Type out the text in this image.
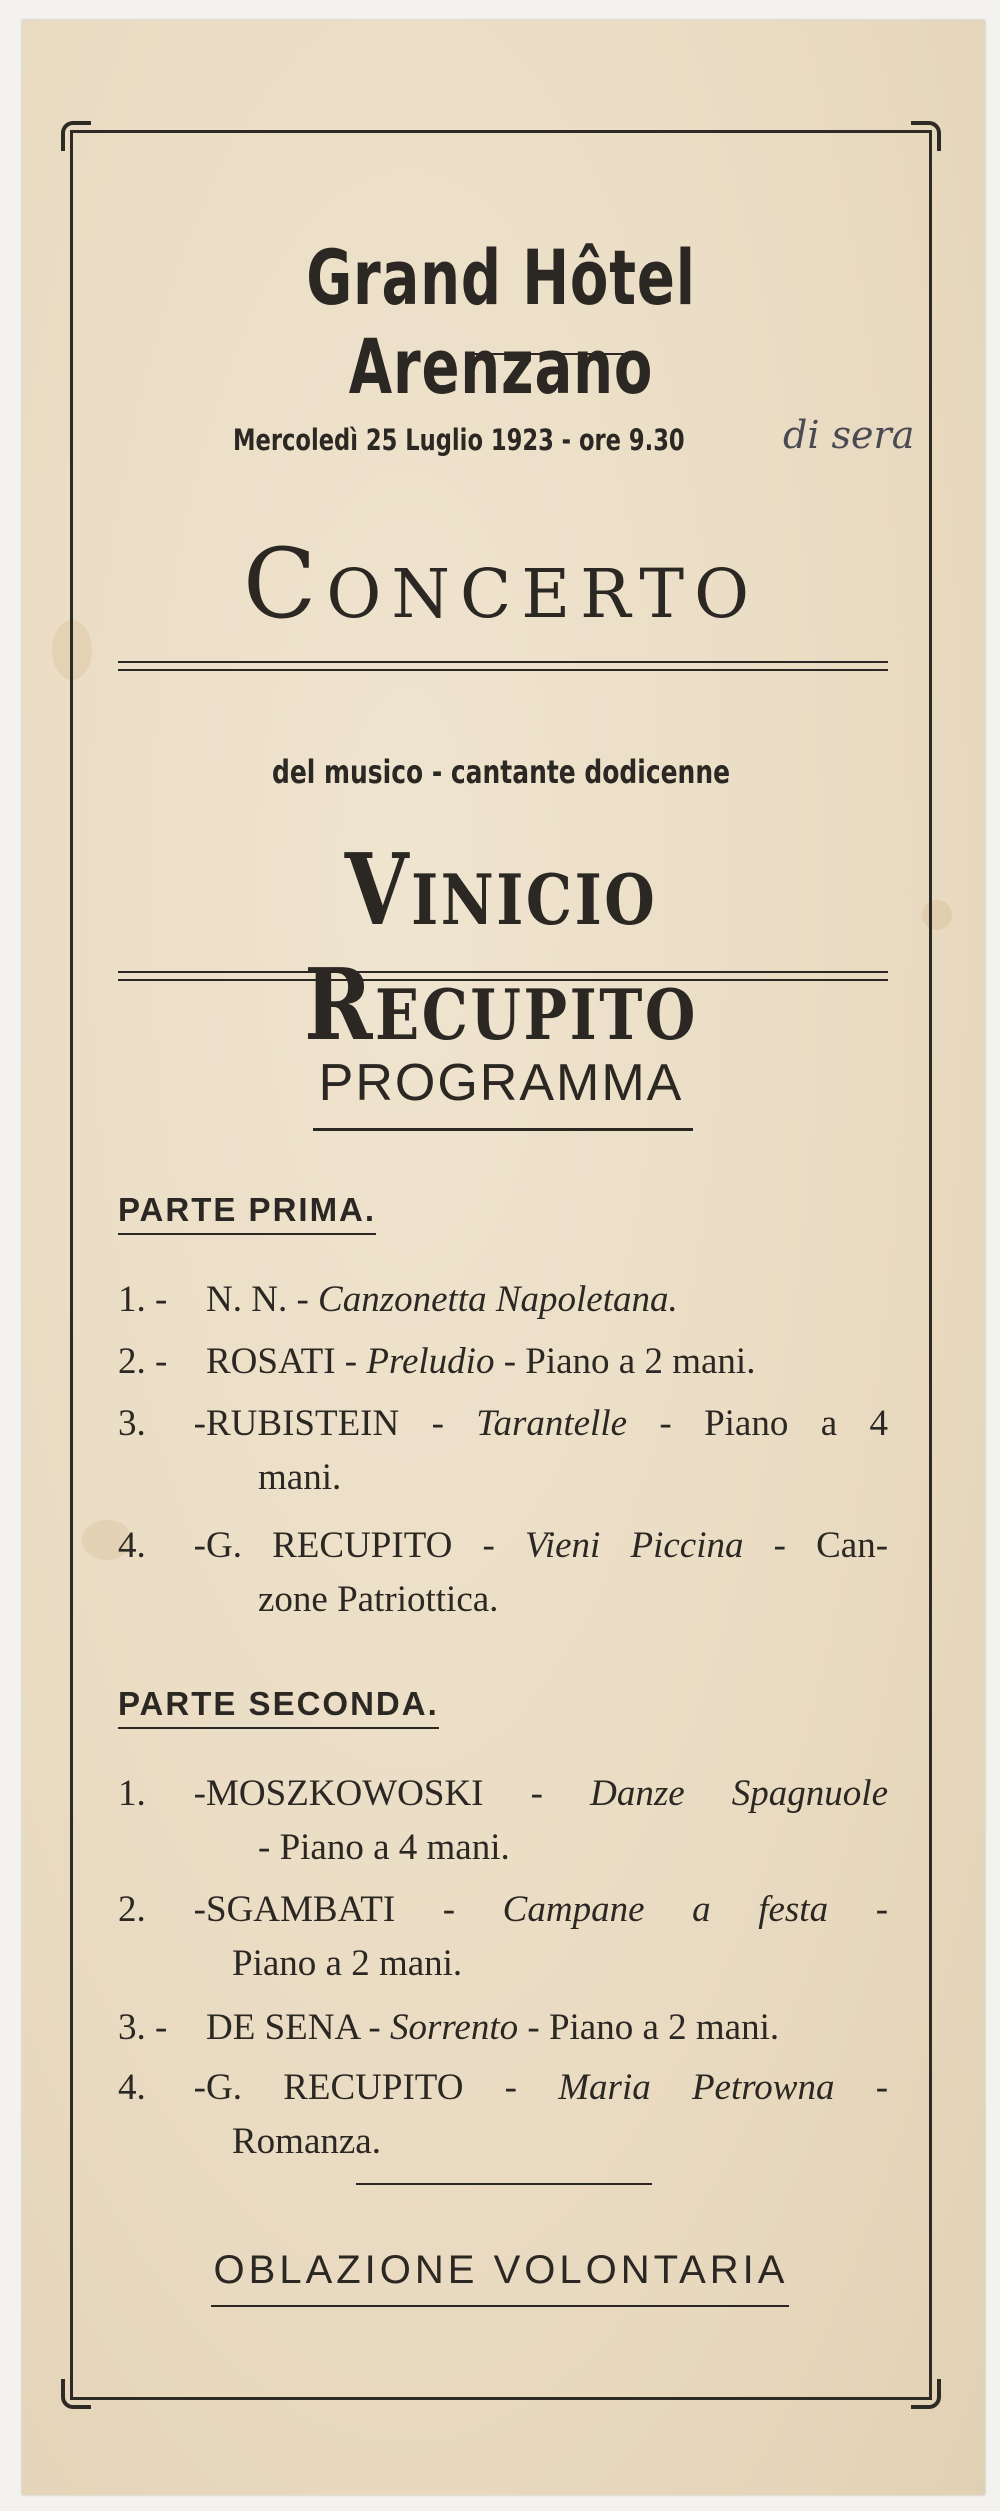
Grand Hôtel Arenzano
Mercoledì 25 Luglio 1923 - ore 9.30	di sera
Concerto
del musico - cantante dodicenne
Vinicio Recupito
PROGRAMMA
PARTE PRIMA.
1. - N. N. - Canzonetta Napoletana.
2. - ROSATI - Preludio - Piano a 2 mani.
3. -RUBISTEIN - Tarantelle - Piano a 4
mani.
4. -G. RECUPITO - Vieni Piccina - Can-
zone Patriottica.
PARTE SECONDA.
1. -MOSZKOWOSKI - Danze Spagnuole
- Piano a 4 mani.
2. -SGAMBATI - Campane a festa -
Piano a 2 mani.
3. - DE SENA - Sorrento - Piano a 2 mani.
4. -G. RECUPITO - Maria Petrowna -
Romanza.
OBLAZIONE VOLONTARIA
